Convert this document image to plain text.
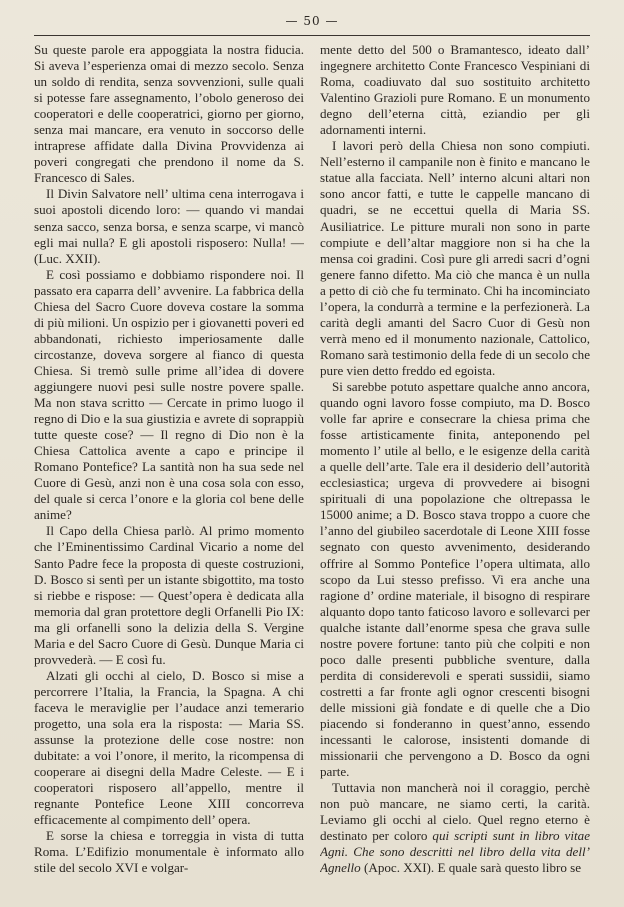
— 50 —

Su queste parole era appoggiata la nostra fiducia. Si aveva l’esperienza omai di mezzo secolo. Senza un soldo di rendita, senza sovvenzioni, sulle quali si potesse fare assegnamento, l’obolo generoso dei cooperatori e delle cooperatrici, giorno per giorno, senza mai mancare, era venuto in soccorso delle intraprese affidate dalla Divina Provvidenza ai poveri congregati che prendono il nome da S. Francesco di Sales.

Il Divin Salvatore nell’ ultima cena interrogava i suoi apostoli dicendo loro: — quando vi mandai senza sacco, senza borsa, e senza scarpe, vi mancò egli mai nulla? E gli apostoli risposero: Nulla! — (Luc. XXII).

E così possiamo e dobbiamo rispondere noi. Il passato era caparra dell’ avvenire. La fabbrica della Chiesa del Sacro Cuore doveva costare la somma di più milioni. Un ospizio per i giovanetti poveri ed abbandonati, richiesto imperiosamente dalle circostanze, doveva sorgere al fianco di questa Chiesa. Si tremò sulle prime all’idea di dovere aggiungere nuovi pesi sulle nostre povere spalle. Ma non stava scritto — Cercate in primo luogo il regno di Dio e la sua giustizia e avrete di soprappiù tutte queste cose? — Il regno di Dio non è la Chiesa Cattolica avente a capo e principe il Romano Pontefice? La santità non ha sua sede nel Cuore di Gesù, anzi non è una cosa sola con esso, del quale si cerca l’onore e la gloria col bene delle anime?

Il Capo della Chiesa parlò. Al primo momento che l’Eminentissimo Cardinal Vicario a nome del Santo Padre fece la proposta di queste costruzioni, D. Bosco si sentì per un istante sbigottito, ma tosto si riebbe e rispose: — Quest’opera è dedicata alla memoria dal gran protettore degli Orfanelli Pio IX: ma gli orfanelli sono la delizia della S. Vergine Maria e del Sacro Cuore di Gesù. Dunque Maria ci provvederà. — E così fu.

Alzati gli occhi al cielo, D. Bosco si mise a percorrere l’Italia, la Francia, la Spagna. A chi faceva le meraviglie per l’audace anzi temerario progetto, una sola era la risposta: — Maria SS. assunse la protezione delle cose nostre: non dubitate: a voi l’onore, il merito, la ricompensa di cooperare ai disegni della Madre Celeste. — E i cooperatori risposero all’appello, mentre il regnante Pontefice Leone XIII concorreva efficacemente al compimento dell’ opera.

E sorse la chiesa e torreggia in vista di tutta Roma. L’Edifizio monumentale è informato allo stile del secolo XVI e volgar-

mente detto del 500 o Bramantesco, ideato dall’ ingegnere architetto Conte Francesco Vespiniani di Roma, coadiuvato dal suo sostituito architetto Valentino Grazioli pure Romano. E un monumento degno dell’eterna città, eziandio per gli adornamenti interni.

I lavori però della Chiesa non sono compiuti. Nell’esterno il campanile non è finito e mancano le statue alla facciata. Nell’ interno alcuni altari non sono ancor fatti, e tutte le cappelle mancano di quadri, se ne eccettui quella di Maria SS. Ausiliatrice. Le pitture murali non sono in parte compiute e dell’altar maggiore non si ha che la mensa coi gradini. Così pure gli arredi sacri d’ogni genere fanno difetto. Ma ciò che manca è un nulla a petto di ciò che fu terminato. Chi ha incominciato l’opera, la condurrà a termine e la perfezionerà. La carità degli amanti del Sacro Cuor di Gesù non verrà meno ed il monumento nazionale, Cattolico, Romano sarà testimonio della fede di un secolo che pure vien detto freddo ed egoista.

Si sarebbe potuto aspettare qualche anno ancora, quando ogni lavoro fosse compiuto, ma D. Bosco volle far aprire e consecrare la chiesa prima che fosse artisticamente finita, anteponendo pel momento l’ utile al bello, e le esigenze della carità a quelle dell’arte. Tale era il desiderio dell’autorità ecclesiastica; urgeva di provvedere ai bisogni spirituali di una popolazione che oltrepassa le 15000 anime; a D. Bosco stava troppo a cuore che l’anno del giubileo sacerdotale di Leone XIII fosse segnato con questo avvenimento, desiderando offrire al Sommo Pontefice l’opera ultimata, allo scopo da Lui stesso prefisso. Vi era anche una ragione d’ ordine materiale, il bisogno di respirare alquanto dopo tanto faticoso lavoro e sollevarci per qualche istante dall’enorme spesa che grava sulle nostre povere fortune: tanto più che colpiti e non poco dalle presenti pubbliche sventure, dalla perdita di considerevoli e sperati sussidii, siamo costretti a far fronte agli ognor crescenti bisogni delle missioni già fondate e di quelle che a Dio piacendo si fonderanno in quest’anno, essendo incessanti le calorose, insistenti domande di missionarii che pervengono a D. Bosco da ogni parte.

Tuttavia non mancherà noi il coraggio, perchè non può mancare, ne siamo certi, la carità. Leviamo gli occhi al cielo. Quel regno eterno è destinato per coloro qui scripti sunt in libro vitae Agni. Che sono descritti nel libro della vita dell’ Agnello (Apoc. XXI). E quale sarà questo libro se
